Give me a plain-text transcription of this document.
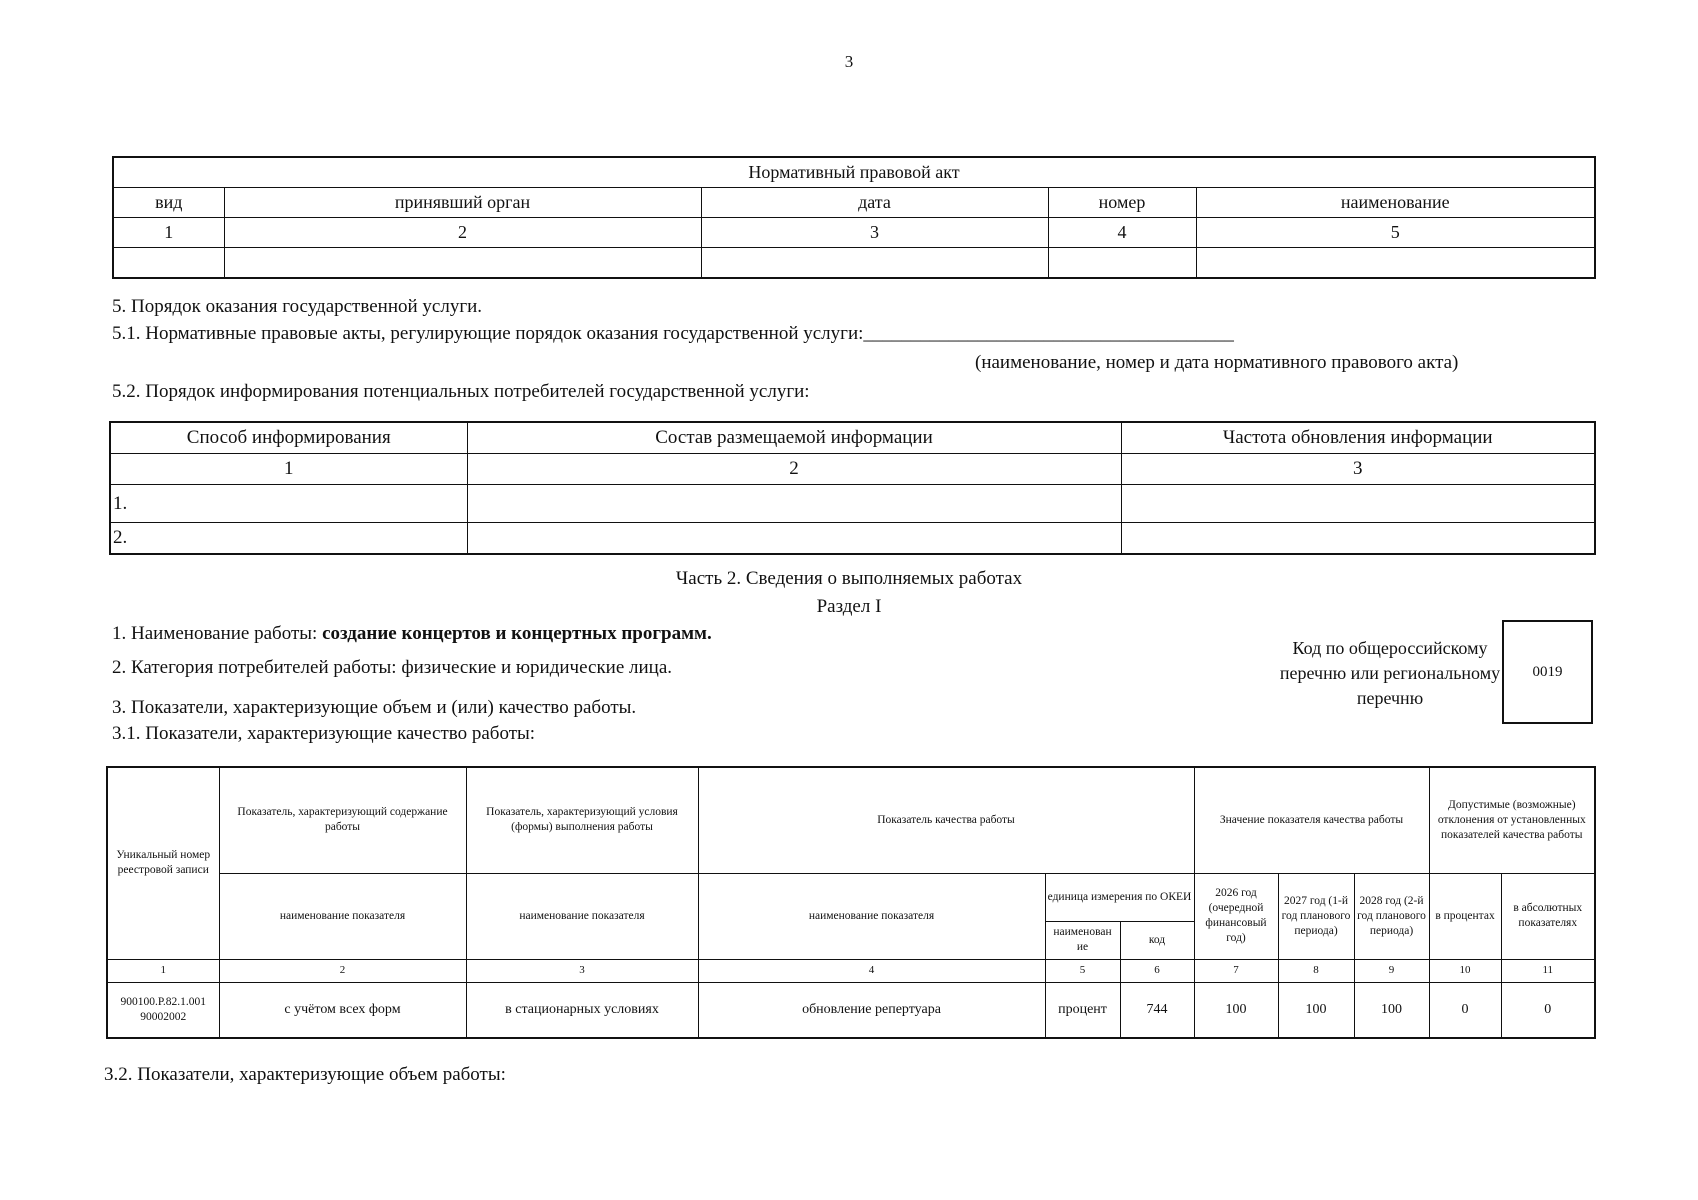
3
Нормативный правовой акт				
вид	принявший орган	дата	номер	наименование
1	2	3	4	5

5. Порядок оказания государственной услуги.
5.1. Нормативные правовые акты, регулирующие порядок оказания государственной услуги:_______________________________________
(наименование, номер и дата нормативного правового акта)
5.2. Порядок информирования потенциальных потребителей государственной услуги:
Способ информирования	Состав размещаемой информации	Частота обновления информации
1	2	3
1.		
2.		
Часть 2. Сведения о выполняемых работах
Раздел I
1. Наименование работы: создание концертов и концертных программ.
2. Категория потребителей работы: физические и юридические лица.
3. Показатели, характеризующие объем и (или) качество работы.
3.1. Показатели, характеризующие качество работы:
Код по общероссийскому перечню или региональному перечню
0019
Уникальный номер реестровой записи	Показатель, характеризующий содержание работы	Показатель, характеризующий условия (формы) выполнения работы	Показатель качества работы			Значение показателя качества работы			Допустимые (возможные) отклонения от установленных показателей качества работы	
	наименование показателя	наименование показателя	наименование показателя	единица измерения по ОКЕИ		2026 год (очередной финансовый год)	2027 год (1-й год планового периода)	2028 год (2-й год планового периода)	в процентах	в абсолютных показателях
				наименован ие	код					
1	2	3	4	5	6	7	8	9	10	11
900100.Р.82.1.001 90002002	с учётом всех форм	в стационарных условиях	обновление репертуара	процент	744	100	100	100	0	0
3.2. Показатели, характеризующие объем работы:
